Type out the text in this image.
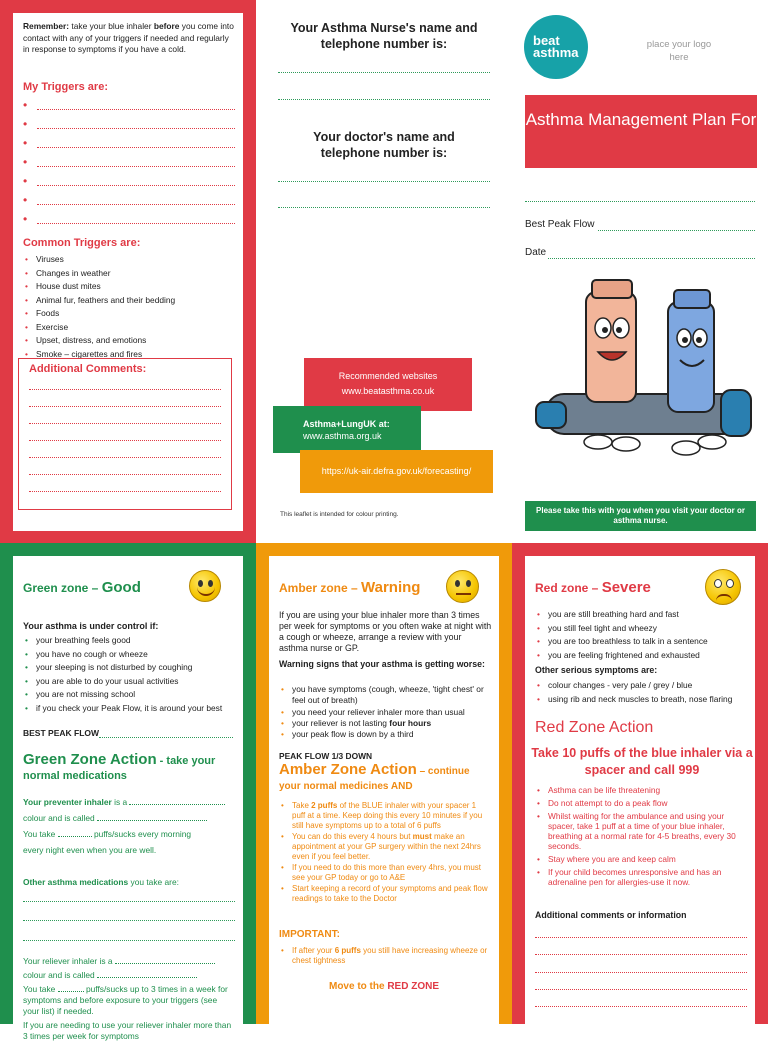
Remember: take your blue inhaler before you come into contact with any of your triggers if needed and regularly in response to symptoms if you have a cold.

My Triggers are:
•
•
•
•
•
•
•
Common Triggers are:
• Viruses
• Changes in weather
• House dust mites
• Animal fur, feathers and their bedding
• Foods
• Exercise
• Upset, distress, and emotions
• Smoke – cigarettes and fires
Additional Comments:
Your Asthma Nurse's name and telephone number is:
Your doctor's name and telephone number is:
Recommended websites
www.beatasthma.co.uk
Asthma+LungUK at:
www.asthma.org.uk
https://uk-air.defra.gov.uk/forecasting/
This leaflet is intended for colour printing.
beat
asthma
place your logo here
Asthma Management Plan For
Best Peak Flow
Date
Please take this with you when you visit your doctor or asthma nurse.
Green zone – Good
Your asthma is under control if:
• your breathing feels good
• you have no cough or wheeze
• your sleeping is not disturbed by coughing
• you are able to do your usual activities
• you are not missing school
• if you check your Peak Flow, it is around your best
BEST PEAK FLOW
Green Zone Action - take your normal medications
Your preventer inhaler is a
colour and is called
You take	puffs/sucks every morning
every night even when you are well.
Other asthma medications you take are:
Your reliever inhaler is a
colour and is called
You take	puffs/sucks up to 3 times in a week for symptoms and before exposure to your triggers (see your list) if needed.
If you are needing to use your reliever inhaler more than 3 times per week for symptoms
Amber zone – Warning
If you are using your blue inhaler more than 3 times per week for symptoms or you often wake at night with a cough or wheeze, arrange a review with your asthma nurse or GP.
Warning signs that your asthma is getting worse:
• you have symptoms (cough, wheeze, 'tight chest' or feel out of breath)
• you need your reliever inhaler more than usual
• your reliever is not lasting four hours
• your peak flow is down by a third
PEAK FLOW 1/3 DOWN
Amber Zone Action – continue your normal medicines AND
• Take 2 puffs of the BLUE inhaler with your spacer 1 puff at a time. Keep doing this every 10 minutes if you still have symptoms up to a total of 6 puffs
• You can do this every 4 hours but must make an appointment at your GP surgery within the next 24hrs even if you feel better.
• If you need to do this more than every 4hrs, you must see your GP today or go to A&E
• Start keeping a record of your symptoms and peak flow readings to take to the Doctor
IMPORTANT:
• If after your 6 puffs you still have increasing wheeze or chest tightness
Move to the RED ZONE
Red zone – Severe
• you are still breathing hard and fast
• you still feel tight and wheezy
• you are too breathless to talk in a sentence
• you are feeling frightened and exhausted
Other serious symptoms are:
• colour changes - very pale / grey / blue
• using rib and neck muscles to breath, nose flaring
Red Zone Action
Take 10 puffs of the blue inhaler via a spacer and call 999
• Asthma can be life threatening
• Do not attempt to do a peak flow
• Whilst waiting for the ambulance and using your spacer, take 1 puff at a time of your blue inhaler, breathing at a normal rate for 4-5 breaths, every 30 seconds.
• Stay where you are and keep calm
• If your child becomes unresponsive and has an adrenaline pen for allergies-use it now.
Additional comments or information
